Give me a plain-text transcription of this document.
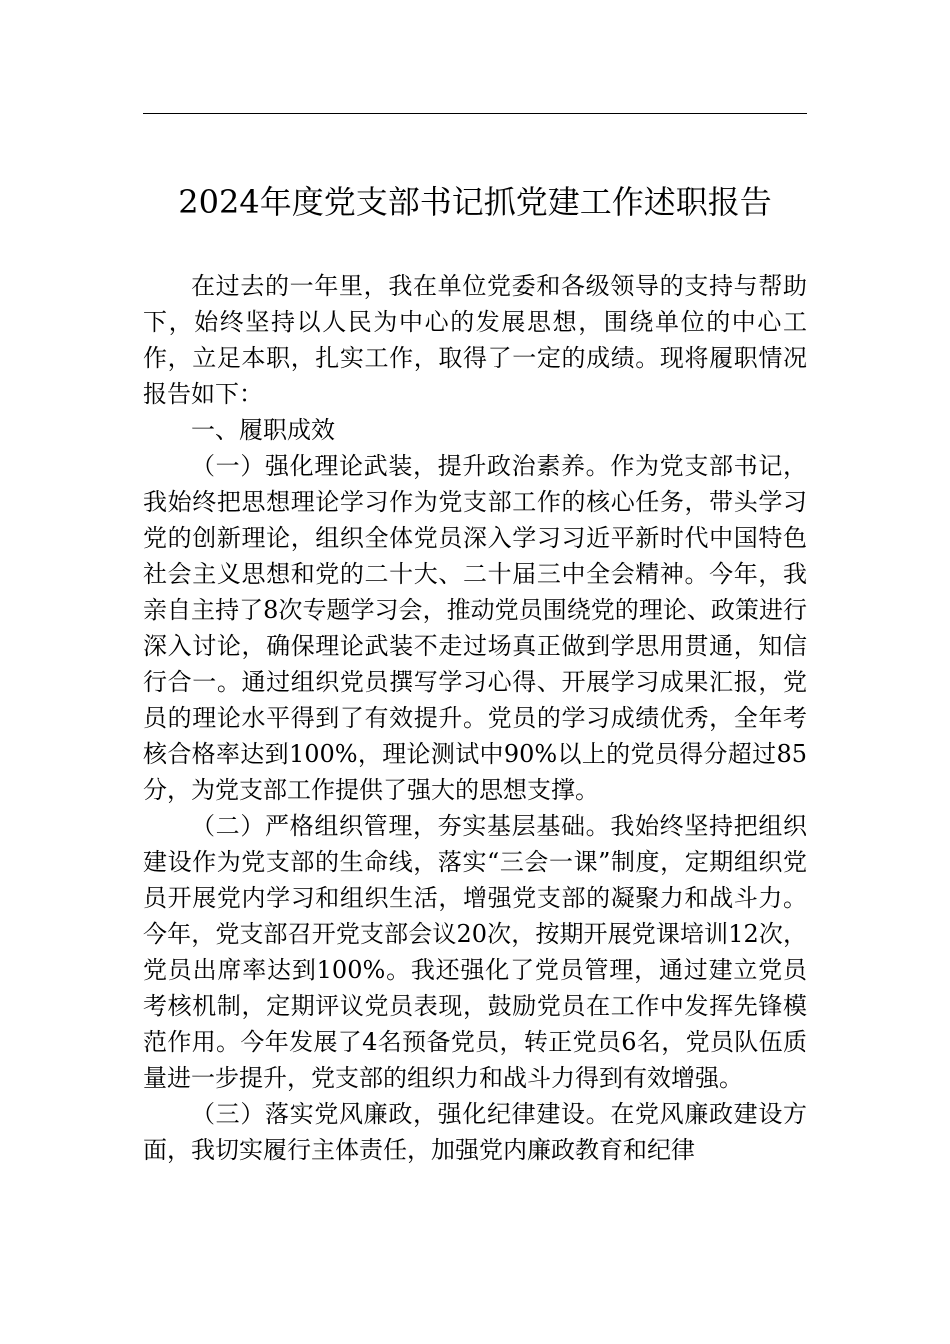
2024年度党支部书记抓党建工作述职报告

在过去的一年里，我在单位党委和各级领导的支持与帮助下，始终坚持以人民为中心的发展思想，围绕单位的中心工作，立足本职，扎实工作，取得了一定的成绩。现将履职情况报告如下：

一、履职成效

（一）强化理论武装，提升政治素养。作为党支部书记，我始终把思想理论学习作为党支部工作的核心任务，带头学习党的创新理论，组织全体党员深入学习习近平新时代中国特色社会主义思想和党的二十大、二十届三中全会精神。今年，我亲自主持了8次专题学习会，推动党员围绕党的理论、政策进行深入讨论，确保理论武装不走过场真正做到学思用贯通，知信行合一。通过组织党员撰写学习心得、开展学习成果汇报，党员的理论水平得到了有效提升。党员的学习成绩优秀，全年考核合格率达到100%，理论测试中90%以上的党员得分超过85分，为党支部工作提供了强大的思想支撑。

（二）严格组织管理，夯实基层基础。我始终坚持把组织建设作为党支部的生命线，落实“三会一课”制度，定期组织党员开展党内学习和组织生活，增强党支部的凝聚力和战斗力。今年，党支部召开党支部会议20次，按期开展党课培训12次，党员出席率达到100%。我还强化了党员管理，通过建立党员考核机制，定期评议党员表现，鼓励党员在工作中发挥先锋模范作用。今年发展了4名预备党员，转正党员6名，党员队伍质量进一步提升，党支部的组织力和战斗力得到有效增强。

（三）落实党风廉政，强化纪律建设。在党风廉政建设方面，我切实履行主体责任，加强党内廉政教育和纪律
